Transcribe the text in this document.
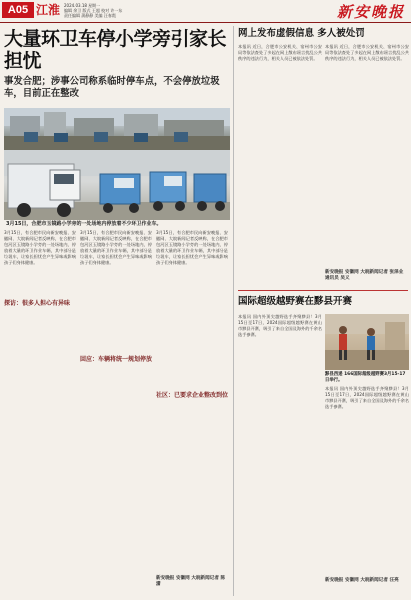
A05 江淮 2024.03.18 星期一
编辑 余卫 版式 王超 校对 许一东
责任编辑 蒲静静 美编 汪春霞	新安晚报
大量环卫车停小学旁引家长担忧
事发合肥；涉事公司称系临时停车点，不会停放垃圾车，目前正在整改
3月15日，合肥市玉镜路小学旁的一处场地内停放着不少环卫作业车。
3月15日，有合肥市民向新安晚报、安徽网、大皖新闻记者反映称，在合肥市包河区玉镜路小学旁的一处场地内，停放着大量的环卫作业车辆，其中部分是垃圾车，让家长担忧会产生异味或影响孩子们身体健康。
探访：很多人担心有异味
3月15日，有合肥市民向新安晚报、安徽网、大皖新闻记者反映称，在合肥市包河区玉镜路小学旁的一处场地内，停放着大量的环卫作业车辆，其中部分是垃圾车，让家长担忧会产生异味或影响孩子们身体健康。
回应：车辆将统一规划停放
3月15日，有合肥市民向新安晚报、安徽网、大皖新闻记者反映称，在合肥市包河区玉镜路小学旁的一处场地内，停放着大量的环卫作业车辆，其中部分是垃圾车，让家长担忧会产生异味或影响孩子们身体健康。
社区：已要求企业整改到位
新安晚报 安徽网 大皖新闻记者 陈潇
网上发布虚假信息 多人被处罚
本报讯 近日，合肥市公安机关、宿州市公安局等依法查处了多起在网上散布谣言扰乱公共秩序的违法行为，相关人员已被依法处罚。
本报讯 近日，合肥市公安机关、宿州市公安局等依法查处了多起在网上散布谣言扰乱公共秩序的违法行为，相关人员已被依法处罚。
新安晚报 安徽网 大皖新闻记者 张泽业 通讯员 吴义
国际超级越野赛在黟县开赛
本报讯 国内外顶尖越野选手齐聚黟县！3月15日至17日，2024国际超级越野赛在黄山市黟县开赛，吸引了来自全国及海外的千余名选手参赛。
黟县西递 166国际超级越野赛3月15-17日举行。
本报讯 国内外顶尖越野选手齐聚黟县！3月15日至17日，2024国际超级越野赛在黄山市黟县开赛，吸引了来自全国及海外的千余名选手参赛。
新安晚报 安徽网 大皖新闻记者 汪亮
